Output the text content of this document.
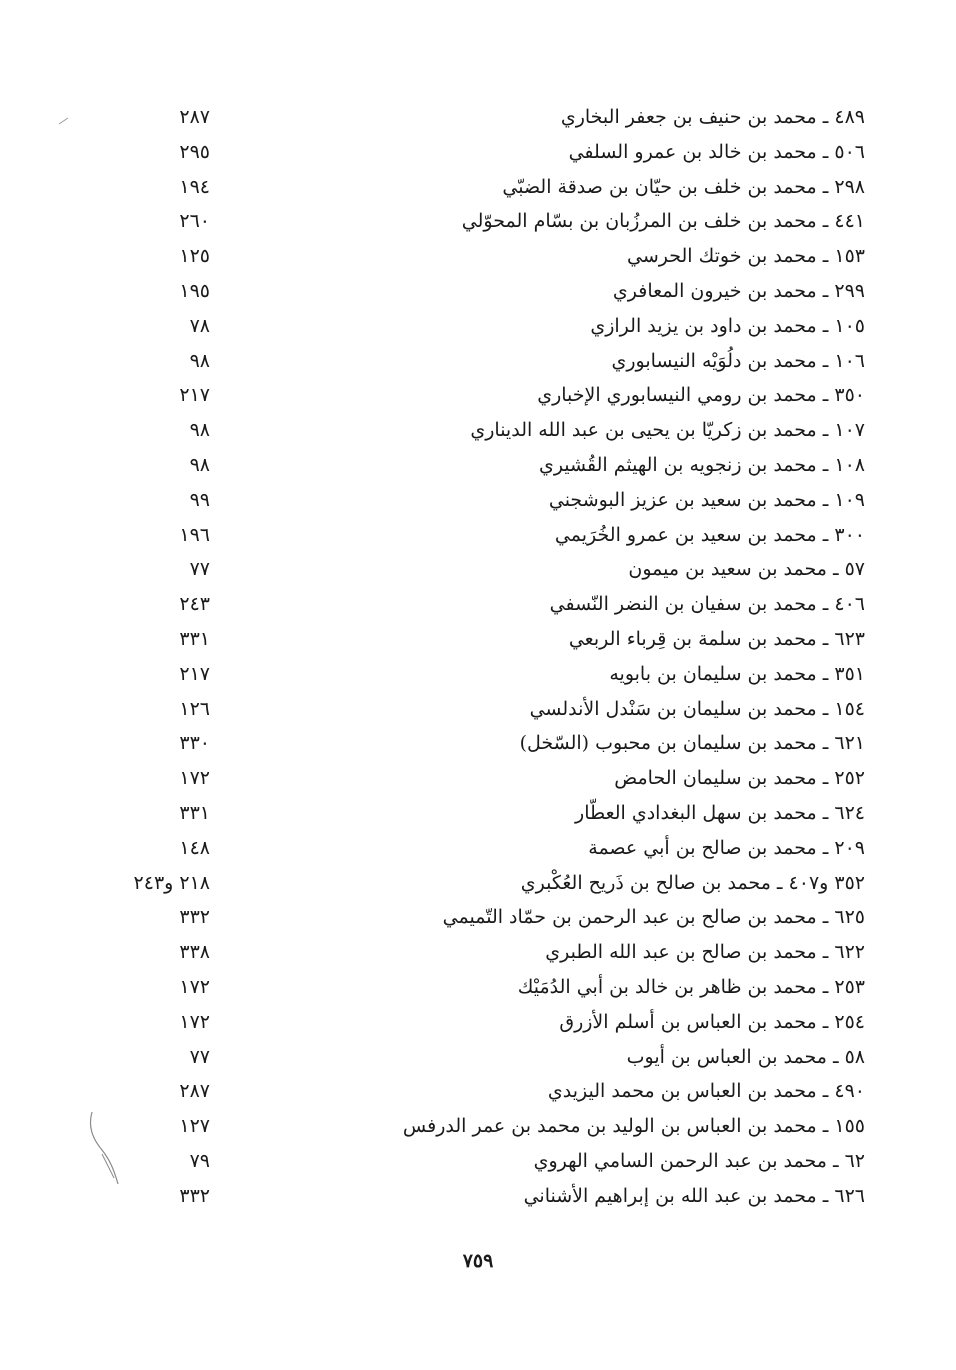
٤٨٩ ـ محمد بن حنيف بن جعفر البخاري
٢٨٧
٥٠٦ ـ محمد بن خالد بن عمرو السلفي
٢٩٥
٢٩٨ ـ محمد بن خلف بن حيّان بن صدقة الضبّي
١٩٤
٤٤١ ـ محمد بن خلف بن المرزُبان بن بسّام المحوّلي
٢٦٠
١٥٣ ـ محمد بن خوتك الحرسي
١٢٥
٢٩٩ ـ محمد بن خيرون المعافري
١٩٥
١٠٥ ـ محمد بن داود بن يزيد الرازي
٧٨
١٠٦ ـ محمد بن دلُوَيْه النيسابوري
٩٨
٣٥٠ ـ محمد بن رومي النيسابوري الإخباري
٢١٧
١٠٧ ـ محمد بن زكريّا بن يحيى بن عبد الله الديناري
٩٨
١٠٨ ـ محمد بن زنجويه بن الهيثم القُشيري
٩٨
١٠٩ ـ محمد بن سعيد بن عزيز البوشجني
٩٩
٣٠٠ ـ محمد بن سعيد بن عمرو الخُرَيمي
١٩٦
٥٧ ـ محمد بن سعيد بن ميمون
٧٧
٤٠٦ ـ محمد بن سفيان بن النضر النّسفي
٢٤٣
٦٢٣ ـ محمد بن سلمة بن قِرباء الربعي
٣٣١
٣٥١ ـ محمد بن سليمان بن بابويه
٢١٧
١٥٤ ـ محمد بن سليمان بن سَنْدل الأندلسي
١٢٦
٦٢١ ـ محمد بن سليمان بن محبوب (السّخل)
٣٣٠
٢٥٢ ـ محمد بن سليمان الحامض
١٧٢
٦٢٤ ـ محمد بن سهل البغدادي العطّار
٣٣١
٢٠٩ ـ محمد بن صالح بن أبي عصمة
١٤٨
٣٥٢ و٤٠٧ ـ محمد بن صالح بن ذَريح العُكْبري
٢١٨ و٢٤٣
٦٢٥ ـ محمد بن صالح بن عبد الرحمن بن حمّاد التّميمي
٣٣٢
٦٢٢ ـ محمد بن صالح بن عبد الله الطبري
٣٣٨
٢٥٣ ـ محمد بن ظاهر بن خالد بن أبي الدُمَيْك
١٧٢
٢٥٤ ـ محمد بن العباس بن أسلم الأزرق
١٧٢
٥٨ ـ محمد بن العباس بن أيوب
٧٧
٤٩٠ ـ محمد بن العباس بن محمد اليزيدي
٢٨٧
١٥٥ ـ محمد بن العباس بن الوليد بن محمد بن عمر الدرفس
١٢٧
٦٢ ـ محمد بن عبد الرحمن السامي الهروي
٧٩
٦٢٦ ـ محمد بن عبد الله بن إبراهيم الأشناني
٣٣٢
٧٥٩
